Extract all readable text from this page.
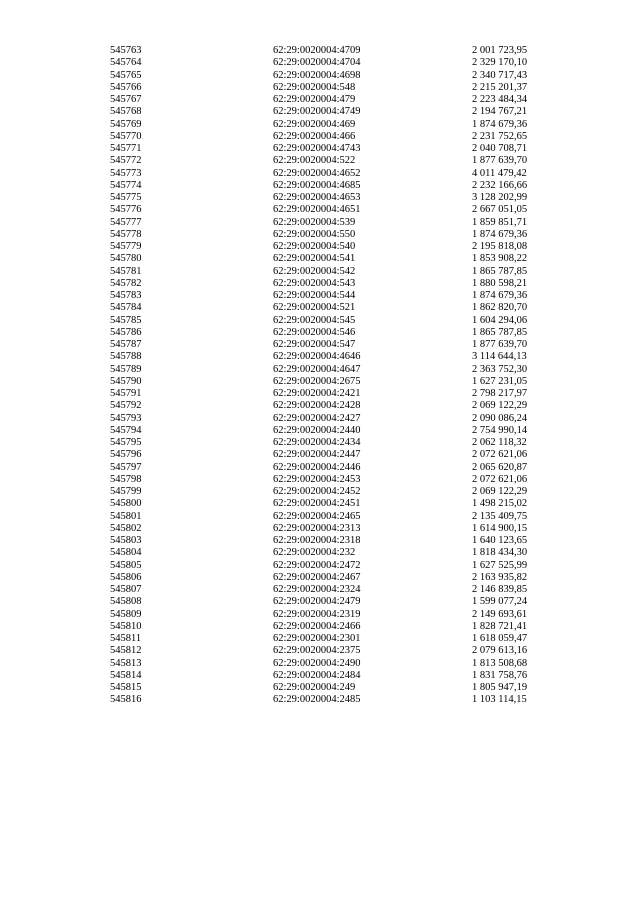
545763	62:29:0020004:4709	2 001 723,95
545764	62:29:0020004:4704	2 329 170,10
545765	62:29:0020004:4698	2 340 717,43
545766	62:29:0020004:548	2 215 201,37
545767	62:29:0020004:479	2 223 484,34
545768	62:29:0020004:4749	2 194 767,21
545769	62:29:0020004:469	1 874 679,36
545770	62:29:0020004:466	2 231 752,65
545771	62:29:0020004:4743	2 040 708,71
545772	62:29:0020004:522	1 877 639,70
545773	62:29:0020004:4652	4 011 479,42
545774	62:29:0020004:4685	2 232 166,66
545775	62:29:0020004:4653	3 128 202,99
545776	62:29:0020004:4651	2 667 051,05
545777	62:29:0020004:539	1 859 851,71
545778	62:29:0020004:550	1 874 679,36
545779	62:29:0020004:540	2 195 818,08
545780	62:29:0020004:541	1 853 908,22
545781	62:29:0020004:542	1 865 787,85
545782	62:29:0020004:543	1 880 598,21
545783	62:29:0020004:544	1 874 679,36
545784	62:29:0020004:521	1 862 820,70
545785	62:29:0020004:545	1 604 294,06
545786	62:29:0020004:546	1 865 787,85
545787	62:29:0020004:547	1 877 639,70
545788	62:29:0020004:4646	3 114 644,13
545789	62:29:0020004:4647	2 363 752,30
545790	62:29:0020004:2675	1 627 231,05
545791	62:29:0020004:2421	2 798 217,97
545792	62:29:0020004:2428	2 069 122,29
545793	62:29:0020004:2427	2 090 086,24
545794	62:29:0020004:2440	2 754 990,14
545795	62:29:0020004:2434	2 062 118,32
545796	62:29:0020004:2447	2 072 621,06
545797	62:29:0020004:2446	2 065 620,87
545798	62:29:0020004:2453	2 072 621,06
545799	62:29:0020004:2452	2 069 122,29
545800	62:29:0020004:2451	1 498 215,02
545801	62:29:0020004:2465	2 135 409,75
545802	62:29:0020004:2313	1 614 900,15
545803	62:29:0020004:2318	1 640 123,65
545804	62:29:0020004:232	1 818 434,30
545805	62:29:0020004:2472	1 627 525,99
545806	62:29:0020004:2467	2 163 935,82
545807	62:29:0020004:2324	2 146 839,85
545808	62:29:0020004:2479	1 599 077,24
545809	62:29:0020004:2319	2 149 693,61
545810	62:29:0020004:2466	1 828 721,41
545811	62:29:0020004:2301	1 618 059,47
545812	62:29:0020004:2375	2 079 613,16
545813	62:29:0020004:2490	1 813 508,68
545814	62:29:0020004:2484	1 831 758,76
545815	62:29:0020004:249	1 805 947,19
545816	62:29:0020004:2485	1 103 114,15
